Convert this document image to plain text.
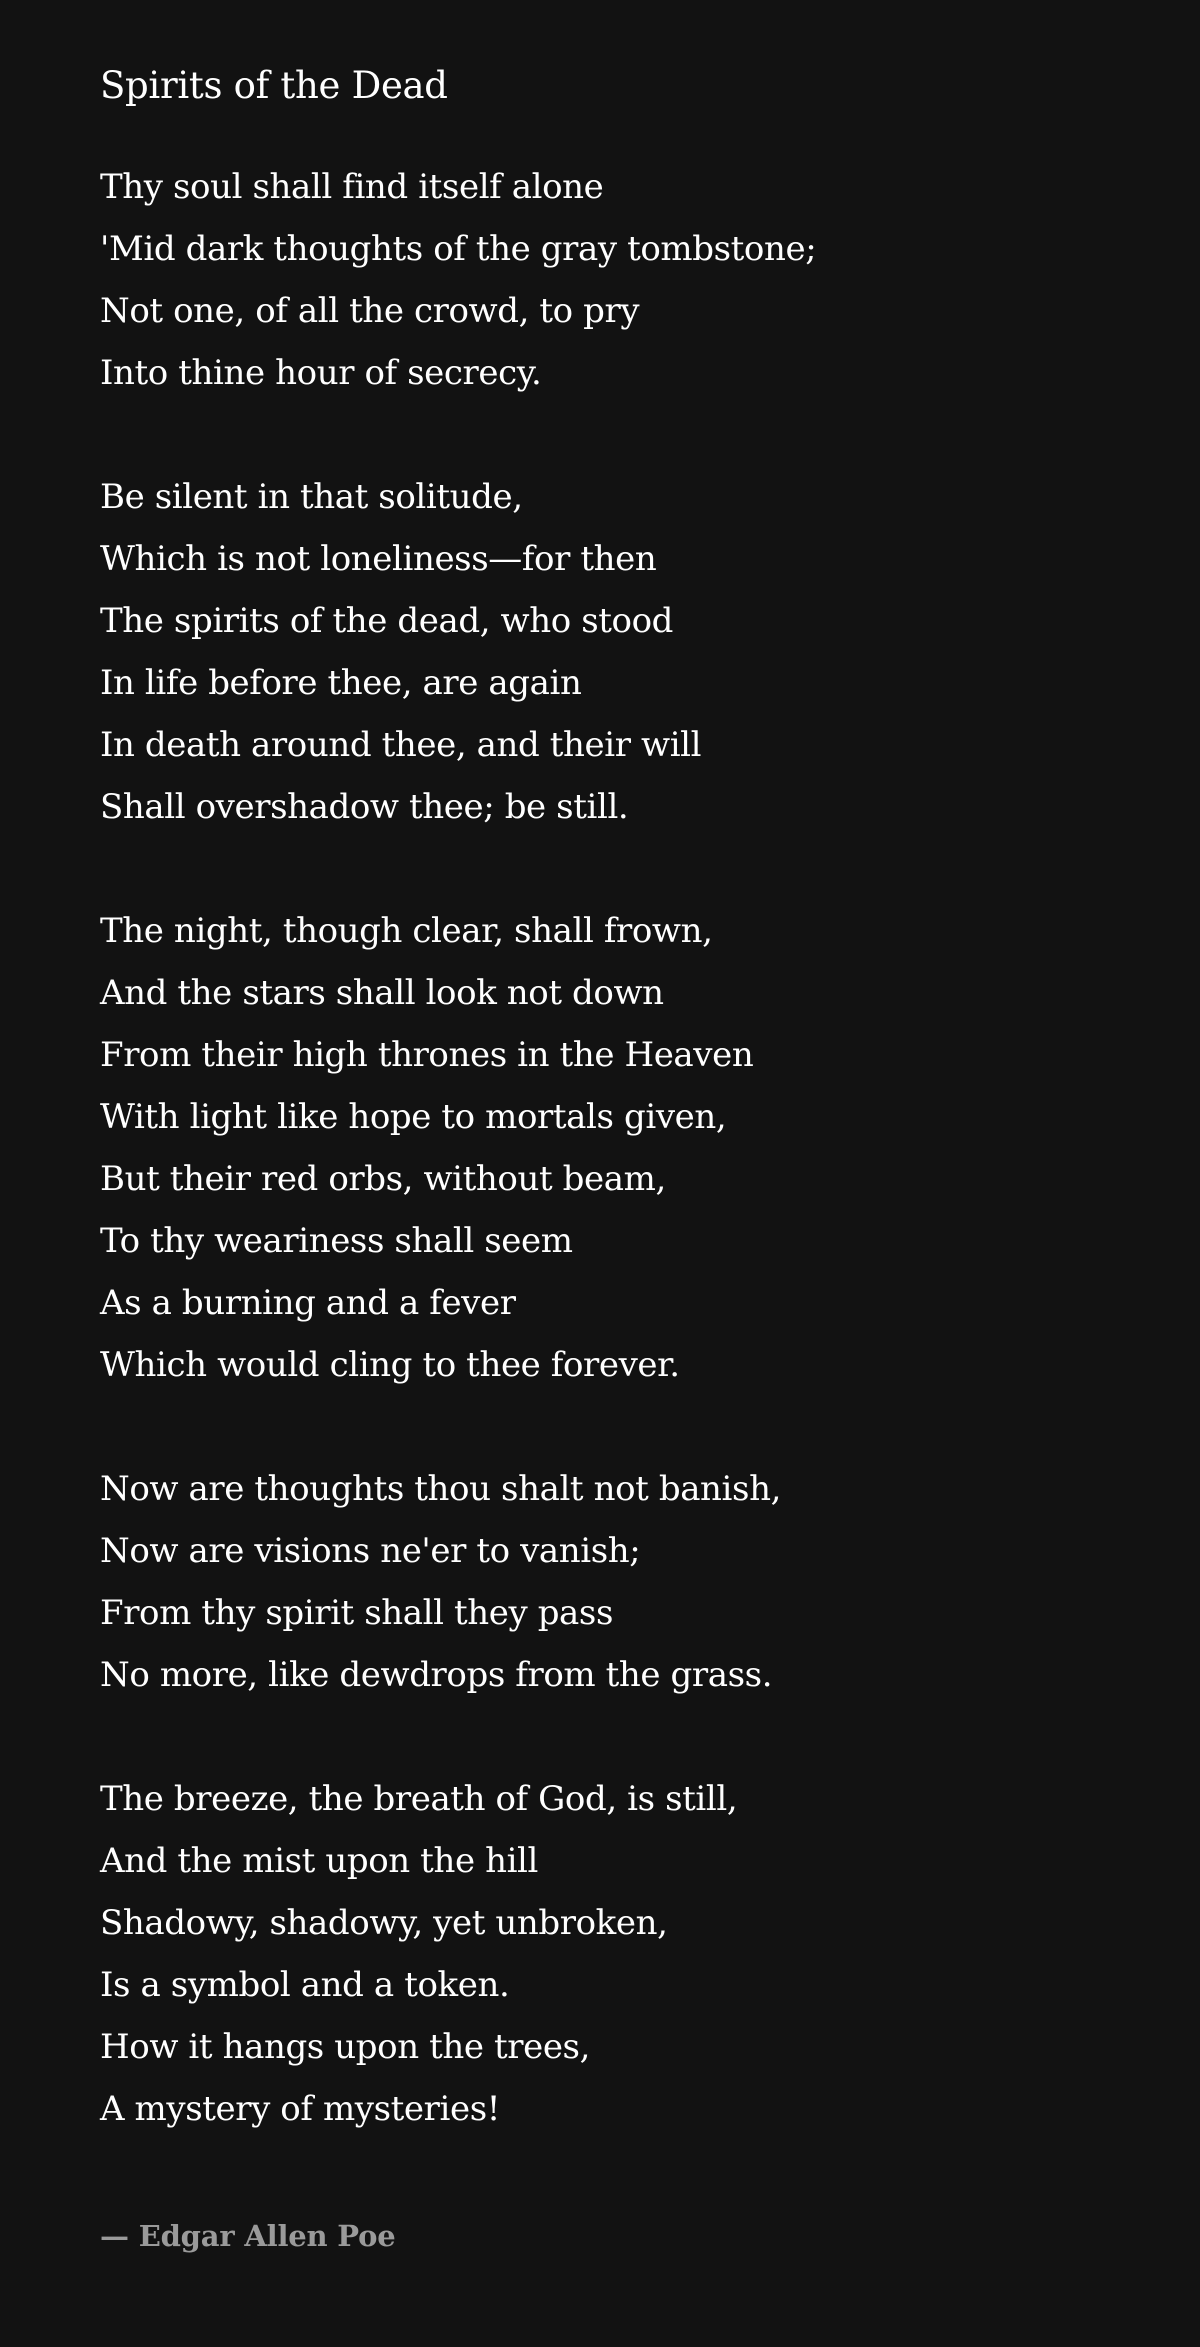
Spirits of the Dead
Thy soul shall find itself alone
'Mid dark thoughts of the gray tombstone;
Not one, of all the crowd, to pry
Into thine hour of secrecy.
Be silent in that solitude,
Which is not loneliness—for then
The spirits of the dead, who stood
In life before thee, are again
In death around thee, and their will
Shall overshadow thee; be still.
The night, though clear, shall frown,
And the stars shall look not down
From their high thrones in the Heaven
With light like hope to mortals given,
But their red orbs, without beam,
To thy weariness shall seem
As a burning and a fever
Which would cling to thee forever.
Now are thoughts thou shalt not banish,
Now are visions ne'er to vanish;
From thy spirit shall they pass
No more, like dewdrops from the grass.
The breeze, the breath of God, is still,
And the mist upon the hill
Shadowy, shadowy, yet unbroken,
Is a symbol and a token.
How it hangs upon the trees,
A mystery of mysteries!

— Edgar Allen Poe
